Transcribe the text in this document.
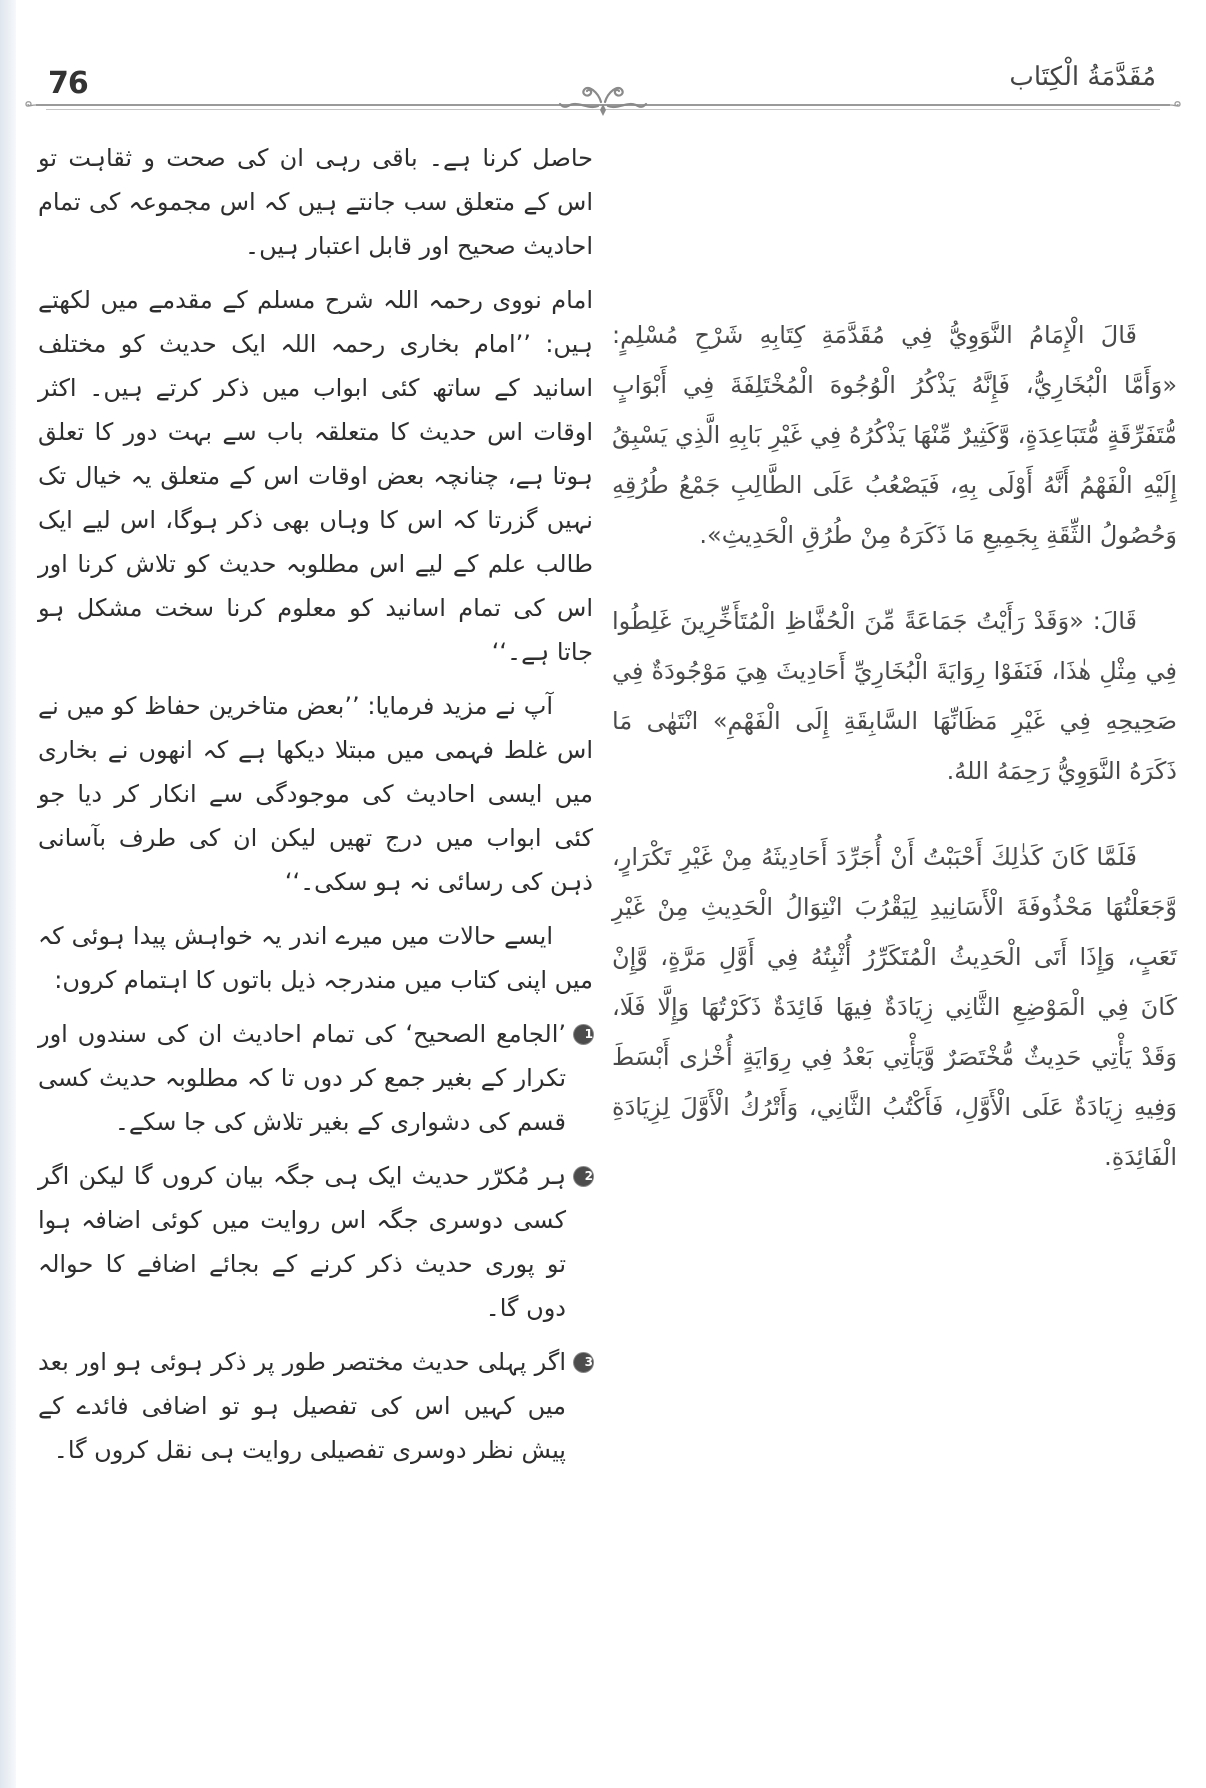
76	مُقَدَّمَةُ الْكِتَاب

حاصل کرنا ہے۔ باقی رہی ان کی صحت و ثقاہت تو اس کے متعلق سب جانتے ہیں کہ اس مجموعہ کی تمام احادیث صحیح اور قابل اعتبار ہیں۔

امام نووی رحمہ اللہ شرح مسلم کے مقدمے میں لکھتے ہیں: ’’امام بخاری رحمہ اللہ ایک حدیث کو مختلف اسانید کے ساتھ کئی ابواب میں ذکر کرتے ہیں۔ اکثر اوقات اس حدیث کا متعلقہ باب سے بہت دور کا تعلق ہوتا ہے، چنانچہ بعض اوقات اس کے متعلق یہ خیال تک نہیں گزرتا کہ اس کا وہاں بھی ذکر ہوگا، اس لیے ایک طالب علم کے لیے اس مطلوبہ حدیث کو تلاش کرنا اور اس کی تمام اسانید کو معلوم کرنا سخت مشکل ہو جاتا ہے۔‘‘

آپ نے مزید فرمایا: ’’بعض متاخرین حفاظ کو میں نے اس غلط فہمی میں مبتلا دیکھا ہے کہ انھوں نے بخاری میں ایسی احادیث کی موجودگی سے انکار کر دیا جو کئی ابواب میں درج تھیں لیکن ان کی طرف بآسانی ذہن کی رسائی نہ ہو سکی۔‘‘

ایسے حالات میں میرے اندر یہ خواہش پیدا ہوئی کہ میں اپنی کتاب میں مندرجہ ذیل باتوں کا اہتمام کروں:

1
’الجامع الصحیح‘ کی تمام احادیث ان کی سندوں اور تکرار کے بغیر جمع کر دوں تا کہ مطلوبہ حدیث کسی قسم کی دشواری کے بغیر تلاش کی جا سکے۔
2
ہر مُکرّر حدیث ایک ہی جگہ بیان کروں گا لیکن اگر کسی دوسری جگہ اس روایت میں کوئی اضافہ ہوا تو پوری حدیث ذکر کرنے کے بجائے اضافے کا حوالہ دوں گا۔
3
اگر پہلی حدیث مختصر طور پر ذکر ہوئی ہو اور بعد میں کہیں اس کی تفصیل ہو تو اضافی فائدے کے پیش نظر دوسری تفصیلی روایت ہی نقل کروں گا۔

قَالَ الْإِمَامُ النَّوَوِيُّ فِي مُقَدَّمَةِ كِتَابِهِ شَرْحِ مُسْلِمٍ: «وَأَمَّا الْبُخَارِيُّ، فَإِنَّهُ يَذْكُرُ الْوُجُوهَ الْمُخْتَلِفَةَ فِي أَبْوَابٍ مُّتَفَرِّقَةٍ مُّتَبَاعِدَةٍ، وَّكَثِيرٌ مِّنْهَا يَذْكُرُهُ فِي غَيْرِ بَابِهِ الَّذِي يَسْبِقُ إِلَيْهِ الْفَهْمُ أَنَّهُ أَوْلَى بِهِ، فَيَصْعُبُ عَلَى الطَّالِبِ جَمْعُ طُرُقِهِ وَحُصُولُ الثِّقَةِ بِجَمِيعِ مَا ذَكَرَهُ مِنْ طُرُقِ الْحَدِيثِ».

قَالَ: «وَقَدْ رَأَيْتُ جَمَاعَةً مِّنَ الْحُفَّاظِ الْمُتَأَخِّرِينَ غَلِطُوا فِي مِثْلِ هٰذَا، فَنَفَوْا رِوَايَةَ الْبُخَارِيِّ أَحَادِيثَ هِيَ مَوْجُودَةٌ فِي صَحِيحِهِ فِي غَيْرِ مَظَانِّهَا السَّابِقَةِ إِلَى الْفَهْمِ» انْتَهٰى مَا ذَكَرَهُ النَّوَوِيُّ رَحِمَهُ اللهُ.

فَلَمَّا كَانَ كَذٰلِكَ أَحْبَبْتُ أَنْ أُجَرِّدَ أَحَادِيثَهُ مِنْ غَيْرِ تَكْرَارٍ، وَّجَعَلْتُهَا مَحْذُوفَةَ الْأَسَانِيدِ لِيَقْرُبَ انْتِوَالُ الْحَدِيثِ مِنْ غَيْرِ تَعَبٍ، وَإِذَا أَتَى الْحَدِيثُ الْمُتَكَرِّرُ أُثْبِتُهُ فِي أَوَّلِ مَرَّةٍ، وَّإِنْ كَانَ فِي الْمَوْضِعِ الثَّانِي زِيَادَةٌ فِيهَا فَائِدَةٌ ذَكَرْتُهَا وَإِلَّا فَلَا، وَقَدْ يَأْتِي حَدِيثٌ مُّخْتَصَرٌ وَّيَأْتِي بَعْدُ فِي رِوَايَةٍ أُخْرٰى أَبْسَطَ وَفِيهِ زِيَادَةٌ عَلَى الْأَوَّلِ، فَأَكْتُبُ الثَّانِي، وَأَتْرُكُ الْأَوَّلَ لِزِيَادَةِ الْفَائِدَةِ.
